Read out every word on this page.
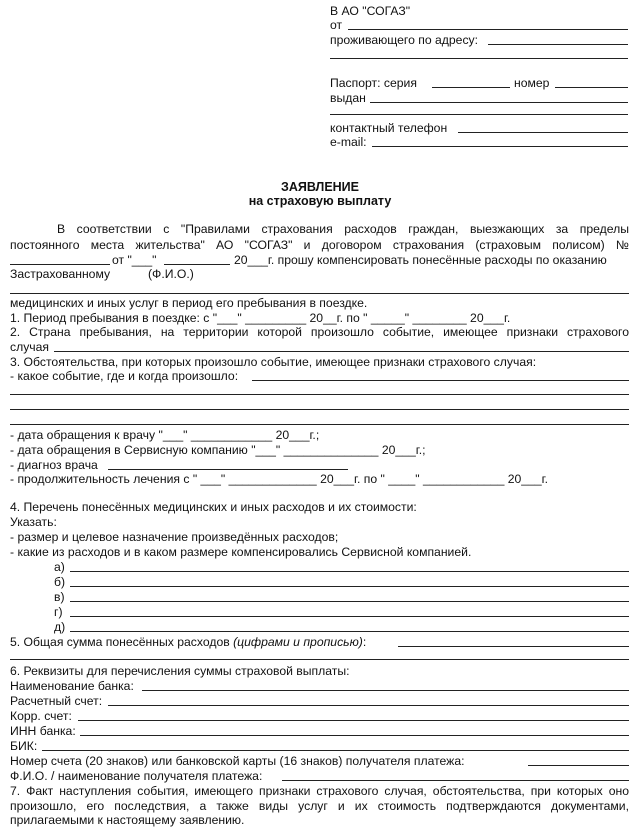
В АО "СОГАЗ"
от
проживающего по адресу:
Паспорт: серия	номер
выдан
контактный телефон
e-mail:
ЗАЯВЛЕНИЕ
на страховую выплату
В соответствии с "Правилами страхования расходов граждан, выезжающих за пределы
постоянного места жительства" АО "СОГАЗ" и договором страхования (страховым полисом) №
от "___"	20___г. прошу компенсировать понесённые расходы по оказанию
Застрахованному	(Ф.И.О.)
медицинских и иных услуг в период его пребывания в поездке.
1. Период пребывания в поездке: с "___" _________ 20__г. по " _____" ________ 20___г.
2. Страна пребывания, на территории которой произошло событие, имеющее признаки страхового
случая
3. Обстоятельства, при которых произошло событие, имеющее признаки страхового случая:
- какое событие, где и когда произошло:
- дата обращения к врачу "___" ____________ 20___г.;
- дата обращения в Сервисную компанию "___" ______________ 20___г.;
- диагноз врача
- продолжительность лечения с " ___" _____________ 20___г. по " ____" ____________ 20___г.
4. Перечень понесённых медицинских и иных расходов и их стоимости:
Указать:
- размер и целевое назначение произведённых расходов;
- какие из расходов и в каком размере компенсировались Сервисной компанией.
а)
б)
в)
г)
д)
5. Общая сумма понесённых расходов (цифрами и прописью):
6. Реквизиты для перечисления суммы страховой выплаты:
Наименование банка:
Расчетный счет:
Корр. счет:
ИНН банка:
БИК:
Номер счета (20 знаков) или банковской карты (16 знаков) получателя платежа:
Ф.И.О. / наименование получателя платежа:
7. Факт наступления события, имеющего признаки страхового случая, обстоятельства, при которых оно
произошло, его последствия, а также виды услуг и их стоимость подтверждаются документами,
прилагаемыми к настоящему заявлению.
